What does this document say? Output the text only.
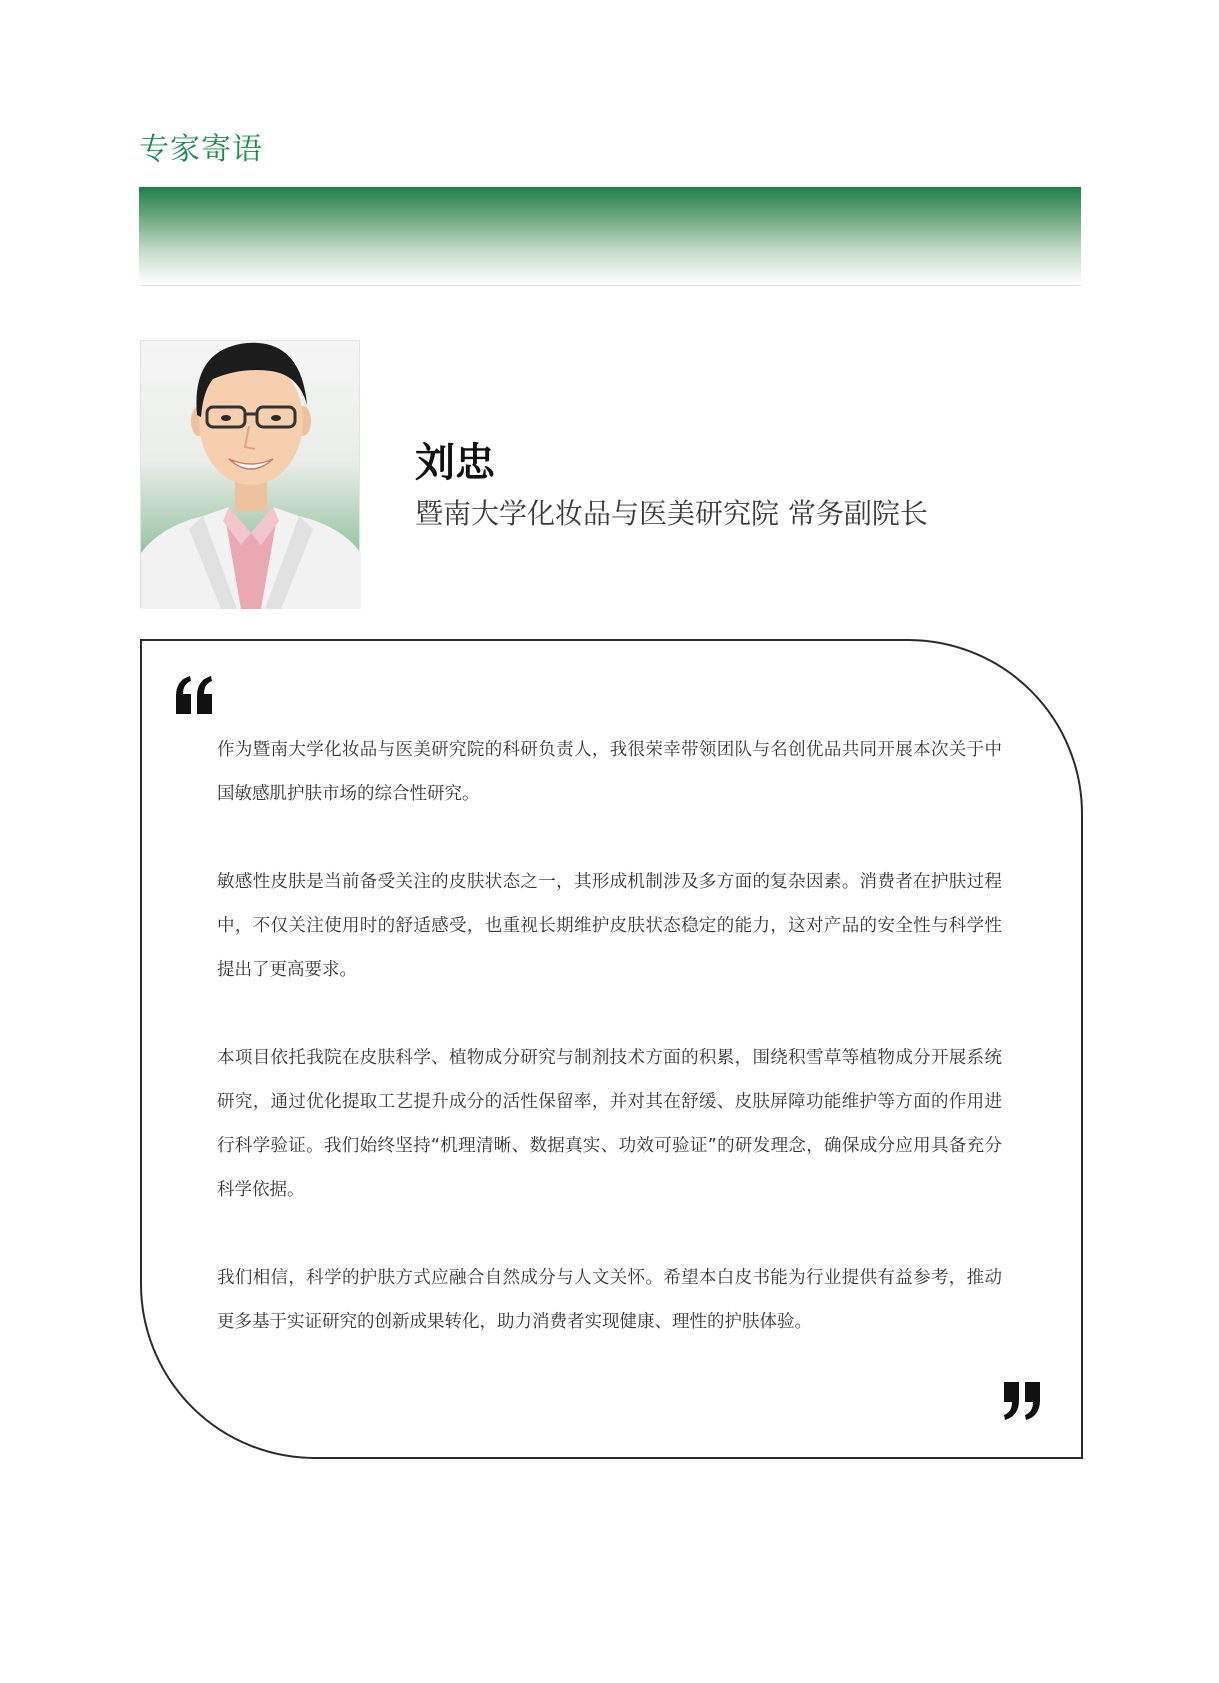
专家寄语
刘忠
暨南大学化妆品与医美研究院 常务副院长

作为暨南大学化妆品与医美研究院的科研负责人，我很荣幸带领团队与名创优品共同开展本次关于中国敏感肌护肤市场的综合性研究。

敏感性皮肤是当前备受关注的皮肤状态之一，其形成机制涉及多方面的复杂因素。消费者在护肤过程中，不仅关注使用时的舒适感受，也重视长期维护皮肤状态稳定的能力，这对产品的安全性与科学性提出了更高要求。

本项目依托我院在皮肤科学、植物成分研究与制剂技术方面的积累，围绕积雪草等植物成分开展系统研究，通过优化提取工艺提升成分的活性保留率，并对其在舒缓、皮肤屏障功能维护等方面的作用进行科学验证。我们始终坚持“机理清晰、数据真实、功效可验证”的研发理念，确保成分应用具备充分科学依据。

我们相信，科学的护肤方式应融合自然成分与人文关怀。希望本白皮书能为行业提供有益参考，推动更多基于实证研究的创新成果转化，助力消费者实现健康、理性的护肤体验。
